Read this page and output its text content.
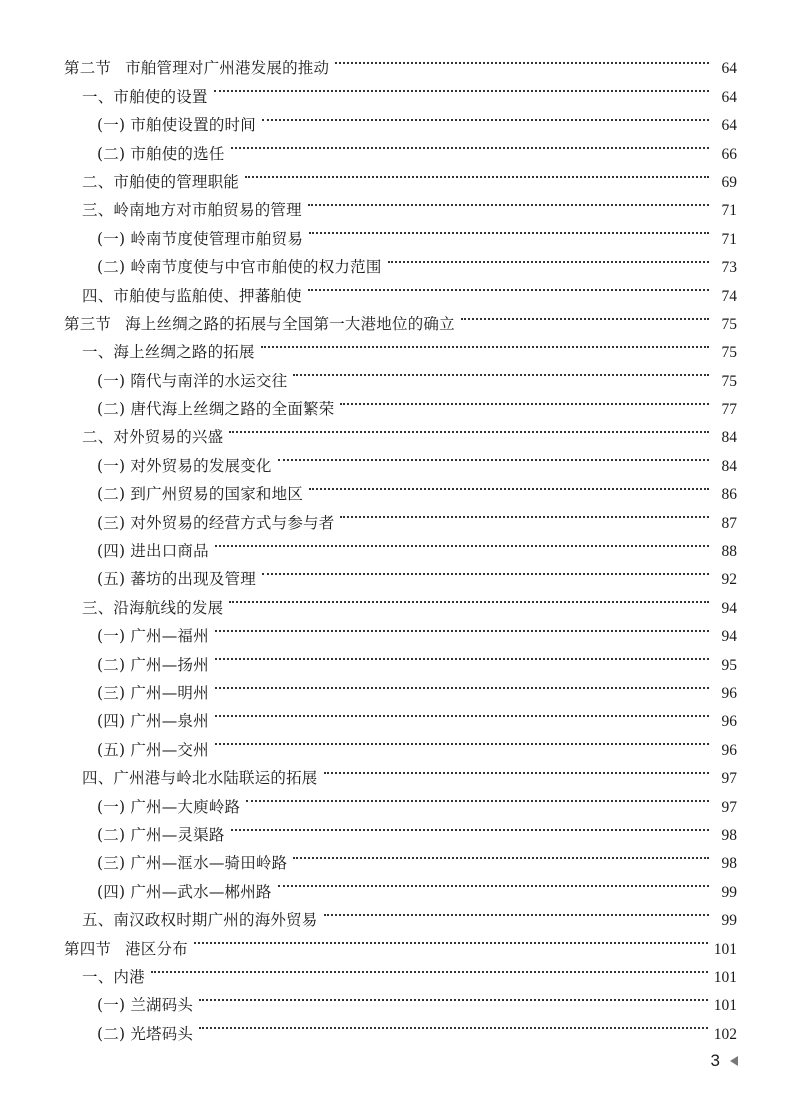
第二节 市舶管理对广州港发展的推动	64
一、市舶使的设置	64
(一) 市舶使设置的时间	64
(二) 市舶使的选任	66
二、市舶使的管理职能	69
三、岭南地方对市舶贸易的管理	71
(一) 岭南节度使管理市舶贸易	71
(二) 岭南节度使与中官市舶使的权力范围	73
四、市舶使与监舶使、押蕃舶使	74
第三节 海上丝绸之路的拓展与全国第一大港地位的确立	75
一、海上丝绸之路的拓展	75
(一) 隋代与南洋的水运交往	75
(二) 唐代海上丝绸之路的全面繁荣	77
二、对外贸易的兴盛	84
(一) 对外贸易的发展变化	84
(二) 到广州贸易的国家和地区	86
(三) 对外贸易的经营方式与参与者	87
(四) 进出口商品	88
(五) 蕃坊的出现及管理	92
三、沿海航线的发展	94
(一) 广州—福州	94
(二) 广州—扬州	95
(三) 广州—明州	96
(四) 广州—泉州	96
(五) 广州—交州	96
四、广州港与岭北水陆联运的拓展	97
(一) 广州—大庾岭路	97
(二) 广州—灵渠路	98
(三) 广州—洭水—骑田岭路	98
(四) 广州—武水—郴州路	99
五、南汉政权时期广州的海外贸易	99
第四节 港区分布	101
一、内港	101
(一) 兰湖码头	101
(二) 光塔码头	102
3
